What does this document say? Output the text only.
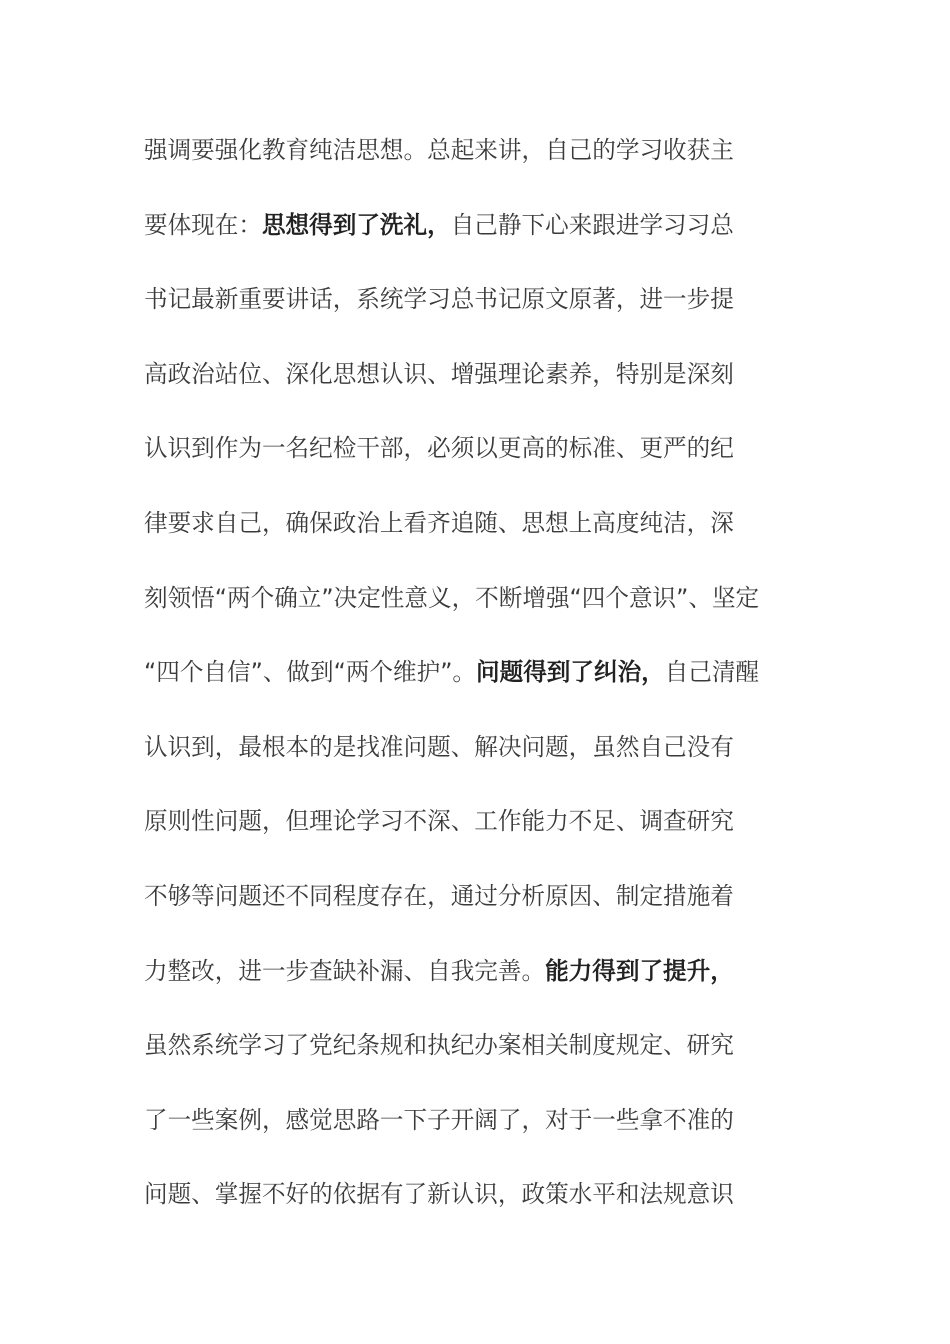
强调要强化教育纯洁思想。总起来讲，自己的学习收获主
要体现在：思想得到了洗礼，自己静下心来跟进学习习总
书记最新重要讲话，系统学习总书记原文原著，进一步提
高政治站位、深化思想认识、增强理论素养，特别是深刻
认识到作为一名纪检干部，必须以更高的标准、更严的纪
律要求自己，确保政治上看齐追随、思想上高度纯洁，深
刻领悟“两个确立”决定性意义，不断增强“四个意识”、坚定
“四个自信”、做到“两个维护”。问题得到了纠治，自己清醒
认识到，最根本的是找准问题、解决问题，虽然自己没有
原则性问题，但理论学习不深、工作能力不足、调查研究
不够等问题还不同程度存在，通过分析原因、制定措施着
力整改，进一步查缺补漏、自我完善。能力得到了提升，
虽然系统学习了党纪条规和执纪办案相关制度规定、研究
了一些案例，感觉思路一下子开阔了，对于一些拿不准的
问题、掌握不好的依据有了新认识，政策水平和法规意识
